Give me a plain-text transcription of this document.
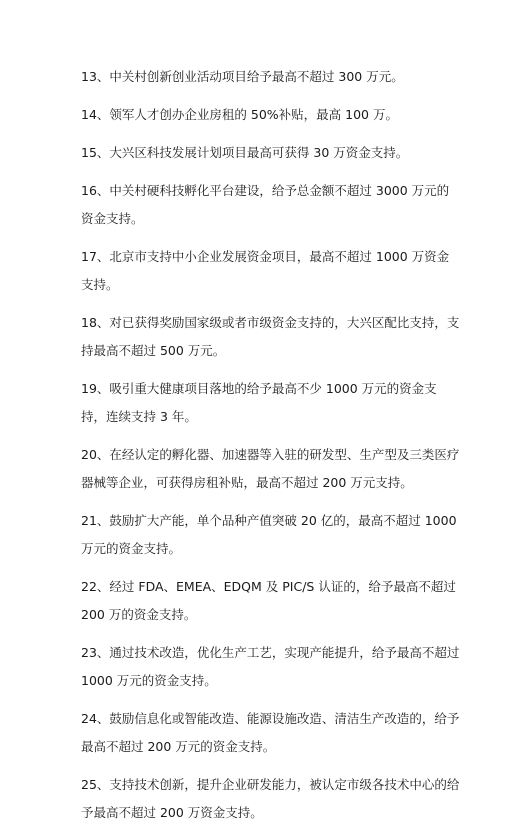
13、中关村创新创业活动项目给予最高不超过 300 万元。

14、领军人才创办企业房租的 50%补贴，最高 100 万。

15、大兴区科技发展计划项目最高可获得 30 万资金支持。

16、中关村硬科技孵化平台建设，给予总金额不超过 3000 万元的资金支持。

17、北京市支持中小企业发展资金项目，最高不超过 1000 万资金支持。

18、对已获得奖励国家级或者市级资金支持的，大兴区配比支持，支持最高不超过 500 万元。

19、吸引重大健康项目落地的给予最高不少 1000 万元的资金支持，连续支持 3 年。

20、在经认定的孵化器、加速器等入驻的研发型、生产型及三类医疗器械等企业，可获得房租补贴，最高不超过 200 万元支持。

21、鼓励扩大产能，单个品种产值突破 20 亿的，最高不超过 1000 万元的资金支持。

22、经过 FDA、EMEA、EDQM 及 PIC/S 认证的，给予最高不超过 200 万的资金支持。

23、通过技术改造，优化生产工艺，实现产能提升，给予最高不超过 1000 万元的资金支持。

24、鼓励信息化或智能改造、能源设施改造、清洁生产改造的，给予最高不超过 200 万元的资金支持。

25、支持技术创新，提升企业研发能力，被认定市级各技术中心的给予最高不超过 200 万资金支持。
